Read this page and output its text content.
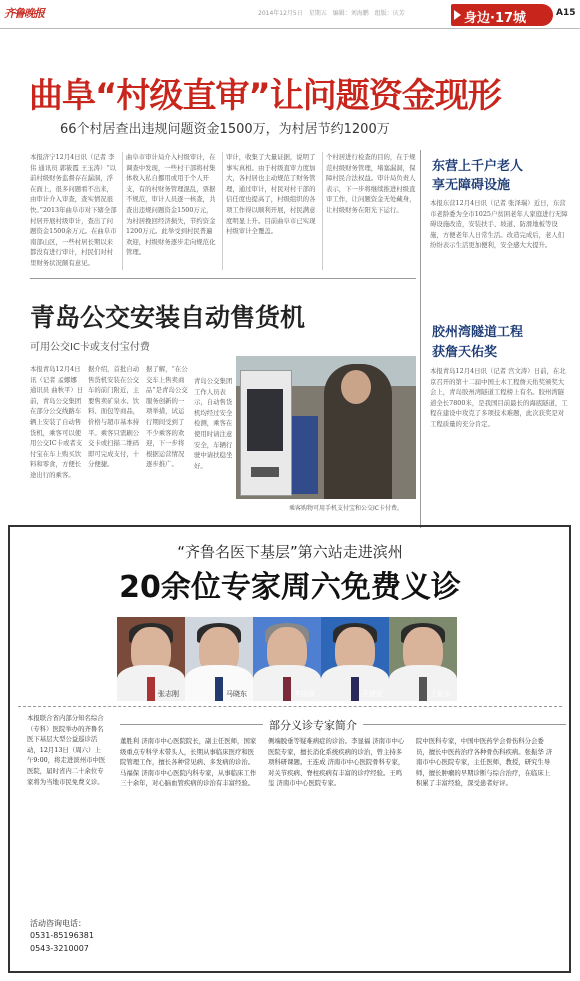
齐鲁晚报	2014年12月5日　星期五　编辑：刘海鹏　组版：庆芳	身边·17城	A15
曲阜“村级直审”让问题资金现形
66个村居查出违规问题资金1500万，为村居节约1200万
本报济宁12月4日讯（记者 李伟 通讯员 郭筱霞 王玉涛）“以前村级财务监督存在漏洞，浮在面上，很多问题看不出来，由审计介入审查，查实情况很快。”2013年曲阜市对下辖全部村居开展村级审计，查出了问题资金1500余万元。在曲阜市南部山区，一些村居长期以来都没有进行审计，村民们对村里财务状况颇有意见。
曲阜市审计局介入村级审计，在调查中发现，一些村干部将村集体收入私自挪用或用于个人开支，有的村财务管理混乱，票据不规范，审计人员逐一核查，共查出违规问题资金1500万元，为村居挽回经济损失，节约资金1200万元。此举受到村民普遍欢迎，村级财务逐步走向规范化管理。
审计，收集了大量证据，说明了事实真相。由于村级直审力度加大，各村居也主动规范了财务管理，通过审计，村民对村干部的信任度也提高了，村级组织的各项工作得以顺利开展，村民满意度明显上升。目前曲阜市已实现村级审计全覆盖。
个村居进行检查的目的，在于规范村级财务管理，堵塞漏洞，保障村民合法权益。审计局负责人表示，下一步将继续推进村级直审工作，让问题资金无处藏身，让村级财务在阳光下运行。
东营上千户老人
享无障碍设施
本报东营12月4日讯（记者 张泽瑞）近日，东营市老龄委为全市1025户贫困老年人家庭进行无障碍设施改造，安装扶手、坡道、防滑地板等设施，方便老年人日常生活。改造完成后，老人们纷纷表示生活更加便利，安全感大大提升。
胶州湾隧道工程
获詹天佑奖
本报青岛12月4日讯（记者 宫文涛）日前，在北京召开的第十二届中国土木工程詹天佑奖颁奖大会上，青岛胶州湾隧道工程榜上有名。胶州湾隧道全长7800米，是我国目前最长的海底隧道，工程在建设中攻克了多项技术难题，此次获奖是对工程质量的充分肯定。
青岛公交安装自动售货机
可用公交IC卡或支付宝付费
本报青岛12月4日讯（记者 孟娜娜 通讯员 曲秋平）日前，青岛公交集团在部分公交线路车辆上安装了自动售货机，乘客可以使用公交IC卡或者支付宝在车上购买饮料和零食，方便长途出行的乘客。
据介绍，首批自动售货机安装在公交车的前门附近，主要售卖矿泉水、饮料、面包等商品，价格与超市基本持平。乘客只需刷公交卡或扫描二维码即可完成支付，十分便捷。
据了解，“在公交车上售卖商品”是青岛公交服务创新的一项举措，试运行期间受到了不少乘客的欢迎，下一步将根据运营情况逐步推广。
青岛公交集团工作人员表示，自动售货机均经过安全检测，乘客在使用时请注意安全，车辆行驶中请扶稳坐好。
乘客购物可用手机支付宝和公交IC卡付费。
“齐鲁名医下基层”第六站走进滨州
20余位专家周六免费义诊
张志刚	马晓东	李国强	王建民	王振东
本报联合省内部分知名综合（专科）医院举办的齐鲁名医下基层大型公益巡诊活动，12月13日（周六）上午9:00，将走进滨州市中医医院，届时省内二十余位专家将为当地市民免费义诊。
活动咨询电话：
0531-85196381
0543-3210007
部分义诊专家简介
董胜利 济南市中心医院院长，副主任医师，国家级重点专科学术带头人，长期从事临床医疗和医院管理工作，擅长各种常见病、多发病的诊治。马福保 济南市中心医院内科专家，从事临床工作三十余年，对心脑血管疾病的诊治有丰富经验。
侧端脱垂等疑难病症的诊治。李显福 济南市中心医院专家，擅长消化系统疾病的诊治，曾主持多项科研课题。王连成 济南市中心医院骨科专家，对关节疾病、脊柱疾病有丰富的诊疗经验。王鸣玺 济南市中心医院专家。
院中医科专家，中国中医药学会骨伤科分会委员，擅长中医药治疗各种骨伤科疾病。张振华 济南市中心医院专家，主任医师，教授，研究生导师，擅长肿瘤的早期诊断与综合治疗，在临床上积累了丰富经验，深受患者好评。
